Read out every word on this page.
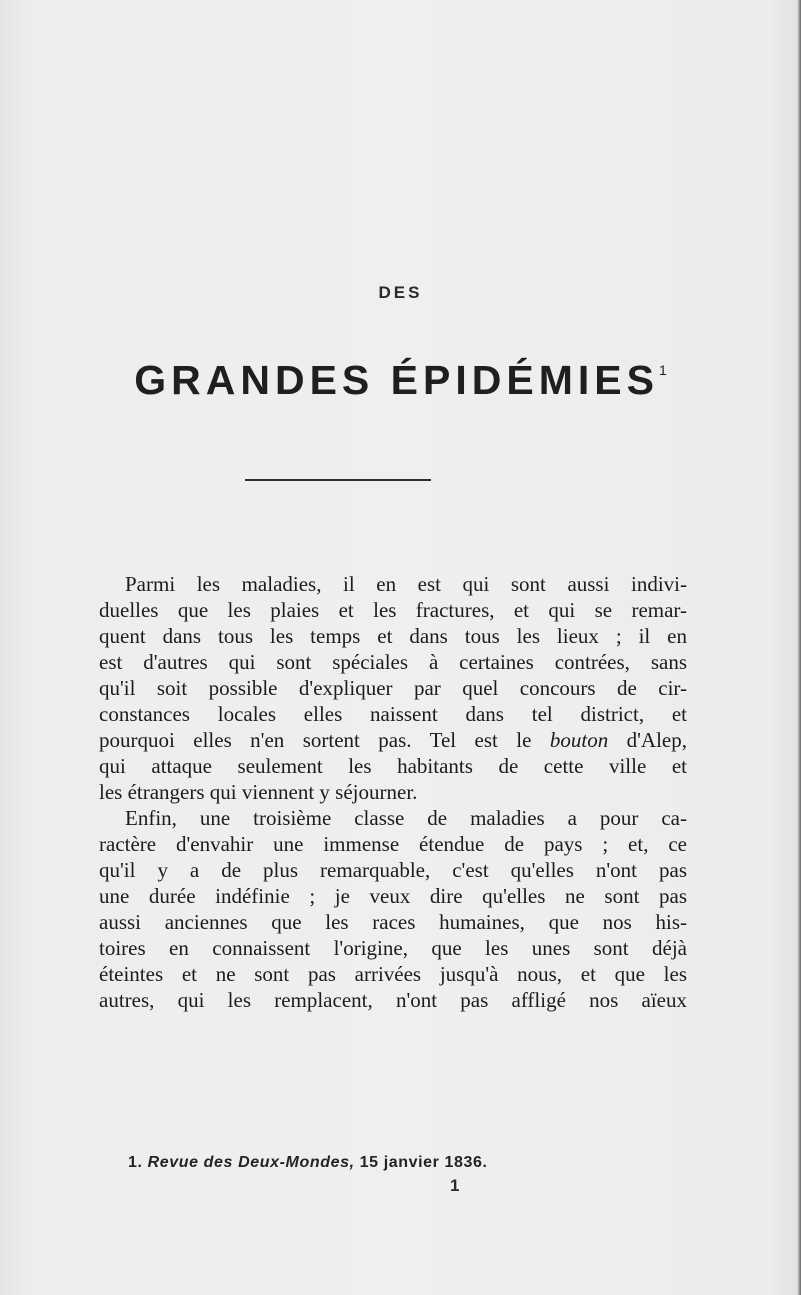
DES
GRANDES ÉPIDÉMIES$^1$
Parmi les maladies, il en est qui sont aussi indivi-
duelles que les plaies et les fractures, et qui se remar-
quent dans tous les temps et dans tous les lieux ; il en
est d'autres qui sont spéciales à certaines contrées, sans
qu'il soit possible d'expliquer par quel concours de cir-
constances locales elles naissent dans tel district, et
pourquoi elles n'en sortent pas. Tel est le bouton d'Alep,
qui attaque seulement les habitants de cette ville et
les étrangers qui viennent y séjourner.
Enfin, une troisième classe de maladies a pour ca-
ractère d'envahir une immense étendue de pays ; et, ce
qu'il y a de plus remarquable, c'est qu'elles n'ont pas
une durée indéfinie ; je veux dire qu'elles ne sont pas
aussi anciennes que les races humaines, que nos his-
toires en connaissent l'origine, que les unes sont déjà
éteintes et ne sont pas arrivées jusqu'à nous, et que les
autres, qui les remplacent, n'ont pas affligé nos aïeux
1. Revue des Deux-Mondes, 15 janvier 1836.
1
